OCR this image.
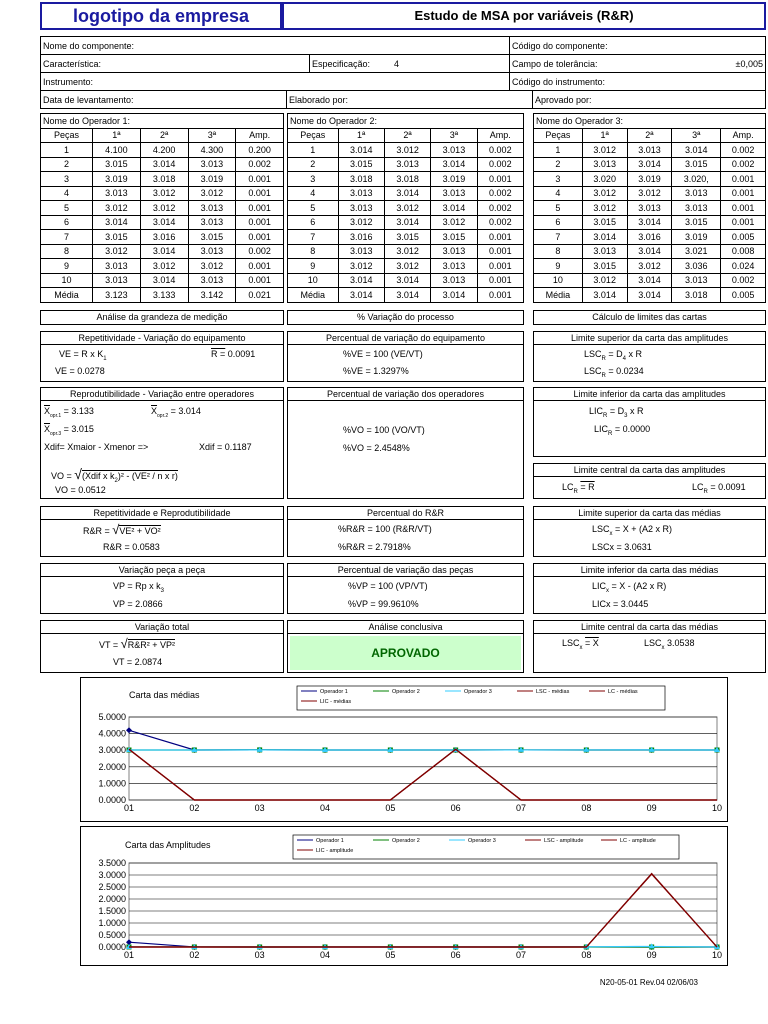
logotipo da empresa	Estudo de MSA por variáveis (R&R)
Nome do componente:			Código do componente:	
Característica:		Especificação: 4	Campo de tolerância: ±0,005	

Instrumento:			Código do instrumento:	
Data de levantamento:	Elaborado por:			Aprovado por:
Nome do Operador 1:				
Peças	1ª	2ª	3ª	Amp.
1	4.100	4.200	4.300	0.200
2	3.015	3.014	3.013	0.002
3	3.019	3.018	3.019	0.001
4	3.013	3.012	3.012	0.001
5	3.012	3.012	3.013	0.001
6	3.014	3.014	3.013	0.001
7	3.015	3.016	3.015	0.001
8	3.012	3.014	3.013	0.002
9	3.013	3.012	3.012	0.001
10	3.013	3.014	3.013	0.001
Média	3.123	3.133	3.142	0.021
Nome do Operador 2:				
Peças	1ª	2ª	3ª	Amp.
1	3.014	3.012	3.013	0.002
2	3.015	3.013	3.014	0.002
3	3.018	3.018	3.019	0.001
4	3.013	3.014	3.013	0.002
5	3.013	3.012	3.014	0.002
6	3.012	3.014	3.012	0.002
7	3.016	3.015	3.015	0.001
8	3.013	3.012	3.013	0.001
9	3.012	3.012	3.013	0.001
10	3.014	3.014	3.013	0.001
Média	3.014	3.014	3.014	0.001
Nome do Operador 3:				
Peças	1ª	2ª	3ª	Amp.
1	3.012	3.013	3.014	0.002
2	3.013	3.014	3.015	0.002
3	3.020	3.019	3.020,	0.001
4	3.012	3.012	3.013	0.001
5	3.012	3.013	3.013	0.001
6	3.015	3.014	3.015	0.001
7	3.014	3.016	3.019	0.005
8	3.013	3.014	3.021	0.008
9	3.015	3.012	3.036	0.024
10	3.012	3.014	3.013	0.002
Média	3.014	3.014	3.018	0.005
Análise da grandeza de medição	% Variação do processo	Cálculo de limites das cartas
Repetitividade - Variação do equipamento
VE = R x $K_1$	R = 0.0091
VE = 0.0278
Percentual de variação do equipamento
%VE = 100 (VE/VT)
%VE = 1.3297%
Limite superior da carta das amplitudes
$LSC_R = D_4$ x R
$LSC_R = 0.0234$
Reprodutibilidade - Variação entre operadores
$\overline{X}_{opr.1} = 3.133$	$\overline{X}_{opr.2} = 3.014$
$\overline{X}_{opr.3} = 3.015$
Xdif= Xmaior - Xmenor =>	Xdif = 0.1187
VO = √(Xdif x $k_2)^2 - (VE^2$ / n x r)
VO = 0.0512
Percentual de variação dos operadores
%VO = 100 (VO/VT)
%VO = 2.4548%
Limite inferior da carta das amplitudes
$LIC_R = D_3$ x R
$LIC_R = 0.0000$
Limite central da carta das amplitudes
$LC_R = R$	$LC_R = 0.0091$
Repetitividade e Reprodutibilidade
R&R = √VE² + VO²
R&R = 0.0583
Percentual do R&R
%R&R = 100 (R&R/VT)
%R&R = 2.7918%
Limite superior da carta das médias
$LSC_x = X + (A2$ x R)
LSCx = 3.0631
Variação peça a peça
VP = Rp x $k_3$
VP = 2.0866
Percentual de variação das peças
%VP = 100 (VP/VT)
%VP = 99.9610%
Limite inferior da carta das médias
$LIC_x = X - (A2$ x R)
LICx = 3.0445
Variação total
VT = √R&R² + VP²
VT = 2.0874
Análise conclusiva
APROVADO
Limite central da carta das médias
$LSC_x = X$	$LSC_x$ 3.0538
Carta das médias
5.0000
4.0000
3.0000
2.0000
1.0000
0.0000
01	02	03	04	05	06	07	08	09	10
Operador 1	Operador 2	Operador 3	LSC - médias	LC - médias
LIC - médias
Carta das Amplitudes
3.5000
3.0000
2.5000
2.0000
1.5000
1.0000
0.5000
0.0000
01	02	03	04	05	06	07	08	09	10
Operador 1	Operador 2	Operador 3	LSC - amplitude	LC - amplitude
LIC - amplitude
N20-05-01 Rev.04 02/06/03
